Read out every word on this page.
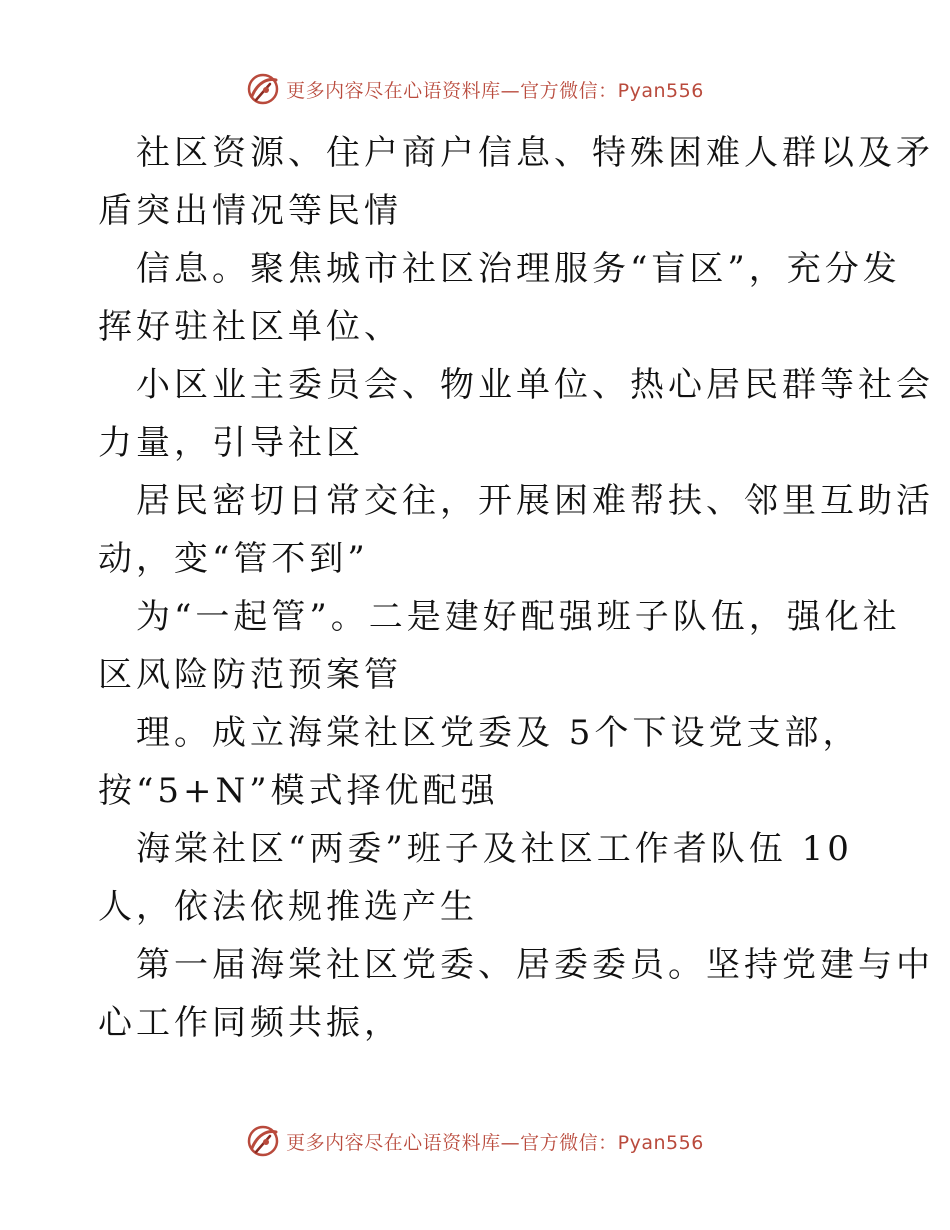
更多内容尽在心语资料库—官方微信：Pyan556

社区资源、住户商户信息、特殊困难人群以及矛
盾突出情况等民情

信息。聚焦城市社区治理服务“盲区”，充分发
挥好驻社区单位、

小区业主委员会、物业单位、热心居民群等社会
力量，引导社区

居民密切日常交往，开展困难帮扶、邻里互助活
动，变“管不到”

为“一起管”。二是建好配强班子队伍，强化社
区风险防范预案管

理。成立海棠社区党委及 5个下设党支部，
按“5+N”模式择优配强

海棠社区“两委”班子及社区工作者队伍 10
人，依法依规推选产生

第一届海棠社区党委、居委委员。坚持党建与中
心工作同频共振，

更多内容尽在心语资料库—官方微信：Pyan556
